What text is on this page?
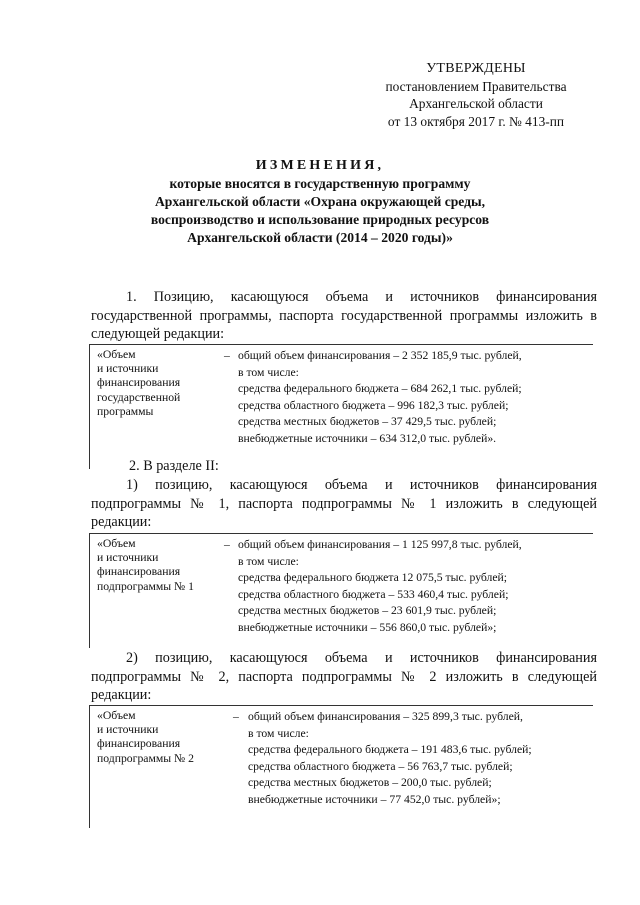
УТВЕРЖДЕНЫ
постановлением Правительства
Архангельской области
от 13 октября 2017 г. № 413-пп
ИЗМЕНЕНИЯ,
которые вносятся в государственную программу
Архангельской области «Охрана окружающей среды,
воспроизводство и использование природных ресурсов
Архангельской области (2014 – 2020 годы)»
1. Позицию, касающуюся объема и источников финансирования государственной программы, паспорта государственной программы изложить в следующей редакции:
«Объем
и источники
финансирования
государственной
программы
– общий объем финансирования – 2 352 185,9 тыс. рублей,
в том числе:
средства федерального бюджета – 684 262,1 тыс. рублей;
средства областного бюджета – 996 182,3 тыс. рублей;
средства местных бюджетов – 37 429,5 тыс. рублей;
внебюджетные источники – 634 312,0 тыс. рублей».
2. В разделе II:
1) позицию, касающуюся объема и источников финансирования подпрограммы № 1, паспорта подпрограммы № 1 изложить в следующей редакции:
«Объем
и источники
финансирования
подпрограммы № 1
– общий объем финансирования – 1 125 997,8 тыс. рублей,
в том числе:
средства федерального бюджета 12 075,5 тыс. рублей;
средства областного бюджета – 533 460,4 тыс. рублей;
средства местных бюджетов – 23 601,9 тыс. рублей;
внебюджетные источники – 556 860,0 тыс. рублей»;
2) позицию, касающуюся объема и источников финансирования подпрограммы № 2, паспорта подпрограммы № 2 изложить в следующей редакции:
«Объем
и источники
финансирования
подпрограммы № 2
– общий объем финансирования – 325 899,3 тыс. рублей,
в том числе:
средства федерального бюджета – 191 483,6 тыс. рублей;
средства областного бюджета – 56 763,7 тыс. рублей;
средства местных бюджетов – 200,0 тыс. рублей;
внебюджетные источники – 77 452,0 тыс. рублей»;
